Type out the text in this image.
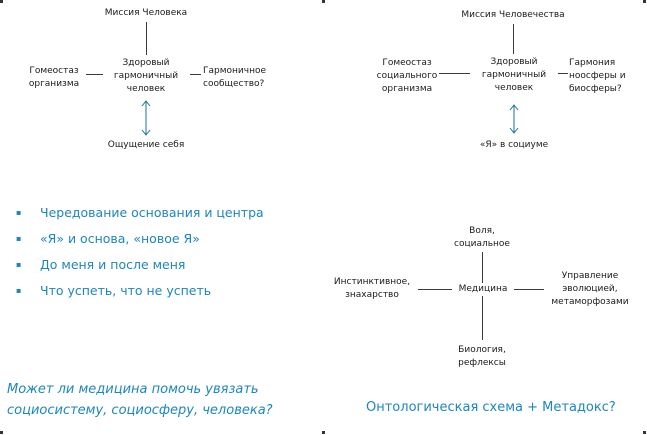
Миссия Человека
Здоровый
гармоничный
человек
Гомеостаз
организма
Гармоничное
сообщество?
Ощущение себя
Миссия Человечества
Здоровый
гармоничный
человек
Гомеостаз
социального
организма
Гармония
ноосферы и
биосферы?
«Я» в социуме
▪ Чередование основания и центра
▪ «Я» и основа, «новое Я»
▪ До меня и после меня
▪ Что успеть, что не успеть
Может ли медицина помочь увязать
социосистему, социосферу, человека?
Воля,
социальное
Медицина
Инстинктивное,
знахарство
Управление
эволюцией,
метаморфозами
Биология,
рефлексы
Онтологическая схема + Метадокс?
